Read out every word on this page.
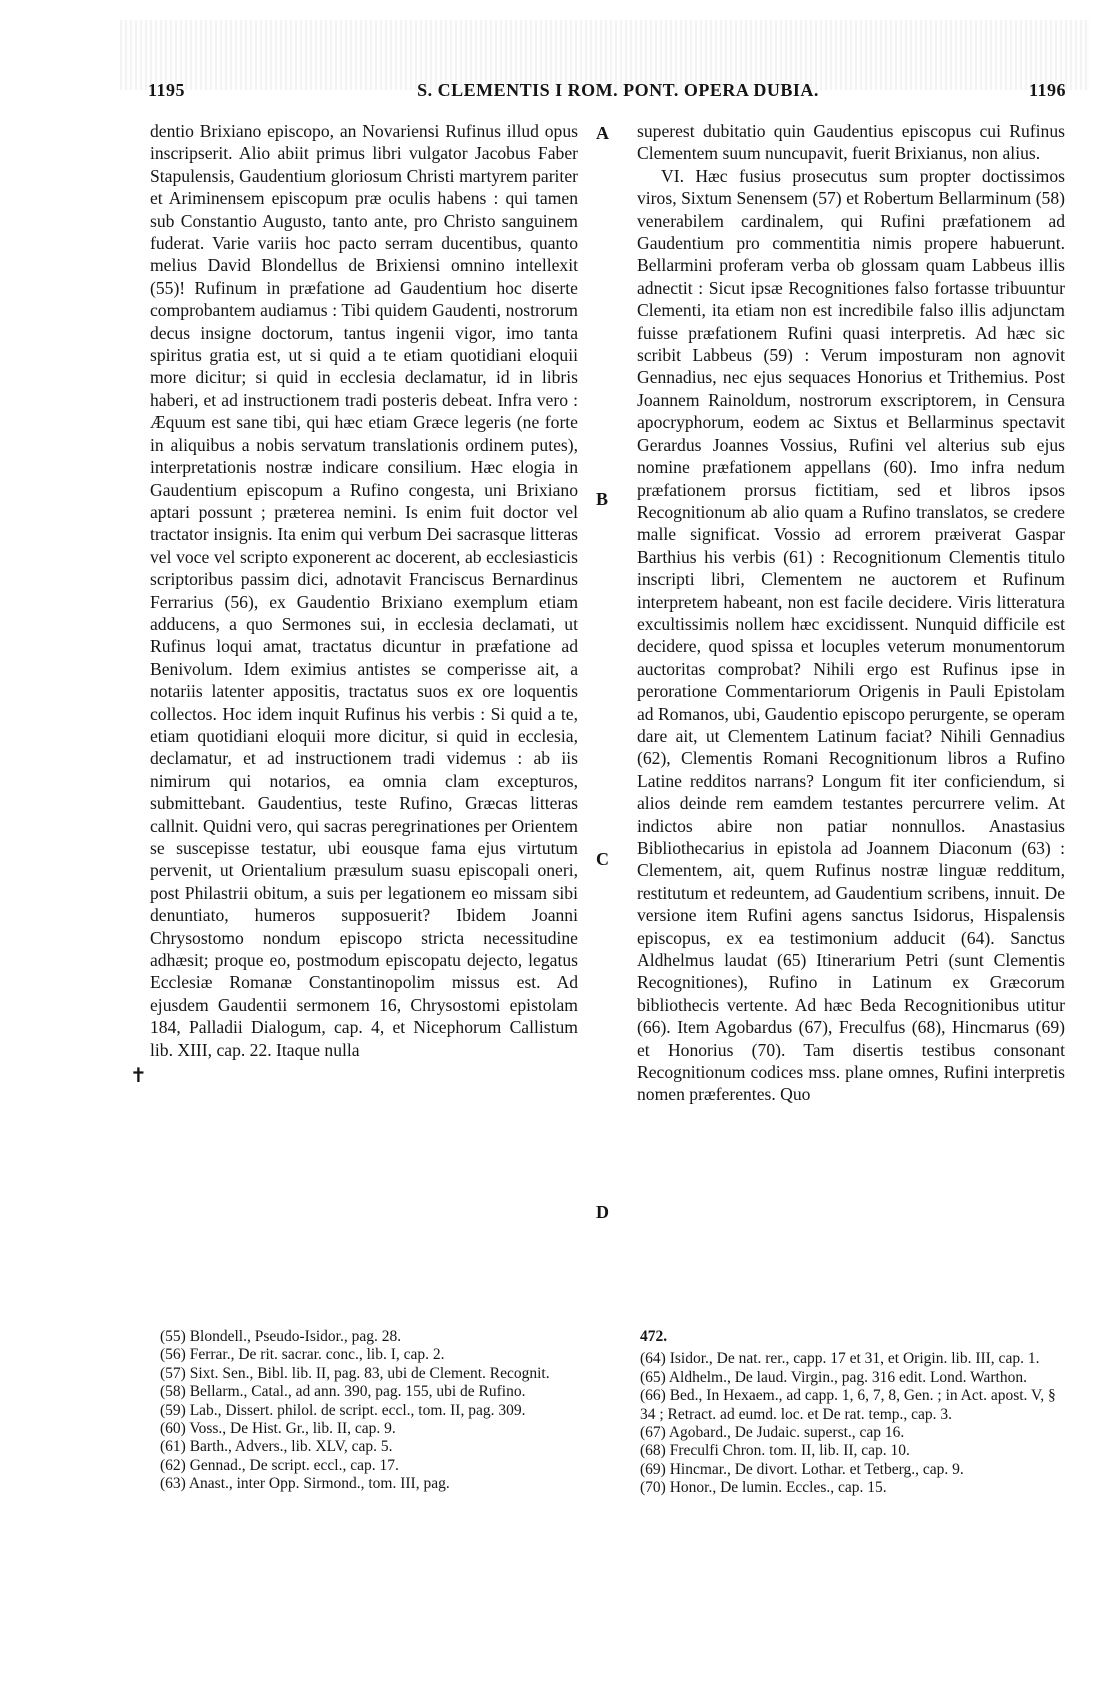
1195	S. CLEMENTIS I ROM. PONT. OPERA DUBIA.	1196

dentio Brixiano episcopo, an Novariensi Rufinus illud opus inscripserit. Alio abiit primus libri vulgator Jacobus Faber Stapulensis, Gaudentium gloriosum Christi martyrem pariter et Ariminensem episcopum præ oculis habens : qui tamen sub Constantio Augusto, tanto ante, pro Christo sanguinem fuderat. Varie variis hoc pacto serram ducentibus, quanto melius David Blondellus de Brixiensi omnino intellexit (55)! Rufinum in præfatione ad Gaudentium hoc diserte comprobantem audiamus : Tibi quidem Gaudenti, nostrorum decus insigne doctorum, tantus ingenii vigor, imo tanta spiritus gratia est, ut si quid a te etiam quotidiani eloquii more dicitur; si quid in ecclesia declamatur, id in libris haberi, et ad instructionem tradi posteris debeat. Infra vero : Æquum est sane tibi, qui hæc etiam Græce legeris (ne forte in aliquibus a nobis servatum translationis ordinem putes), interpretationis nostræ indicare consilium. Hæc elogia in Gaudentium episcopum a Rufino congesta, uni Brixiano aptari possunt ; præterea nemini. Is enim fuit doctor vel tractator insignis. Ita enim qui verbum Dei sacrasque litteras vel voce vel scripto exponerent ac docerent, ab ecclesiasticis scriptoribus passim dici, adnotavit Franciscus Bernardinus Ferrarius (56), ex Gaudentio Brixiano exemplum etiam adducens, a quo Sermones sui, in ecclesia declamati, ut Rufinus loqui amat, tractatus dicuntur in præfatione ad Benivolum. Idem eximius antistes se comperisse ait, a notariis latenter appositis, tractatus suos ex ore loquentis collectos. Hoc idem inquit Rufinus his verbis : Si quid a te, etiam quotidiani eloquii more dicitur, si quid in ecclesia, declamatur, et ad instructionem tradi videmus : ab iis nimirum qui notarios, ea omnia clam excepturos, submittebant. Gaudentius, teste Rufino, Græcas litteras callnit. Quidni vero, qui sacras peregrinationes per Orientem se suscepisse testatur, ubi eousque fama ejus virtutum pervenit, ut Orientalium præsulum suasu episcopali oneri, post Philastrii obitum, a suis per legationem eo missam sibi denuntiato, humeros supposuerit? Ibidem Joanni Chrysostomo nondum episcopo stricta necessitudine adhæsit; proque eo, postmodum episcopatu dejecto, legatus Ecclesiæ Romanæ Constantinopolim missus est. Ad ejusdem Gaudentii sermonem 16, Chrysostomi epistolam 184, Palladii Dialogum, cap. 4, et Nicephorum Callistum lib. XIII, cap. 22. Itaque nulla

superest dubitatio quin Gaudentius episcopus cui Rufinus Clementem suum nuncupavit, fuerit Brixianus, non alius.

VI. Hæc fusius prosecutus sum propter doctissimos viros, Sixtum Senensem (57) et Robertum Bellarminum (58) venerabilem cardinalem, qui Rufini præfationem ad Gaudentium pro commentitia nimis propere habuerunt. Bellarmini proferam verba ob glossam quam Labbeus illis adnectit : Sicut ipsæ Recognitiones falso fortasse tribuuntur Clementi, ita etiam non est incredibile falso illis adjunctam fuisse præfationem Rufini quasi interpretis. Ad hæc sic scribit Labbeus (59) : Verum imposturam non agnovit Gennadius, nec ejus sequaces Honorius et Trithemius. Post Joannem Rainoldum, nostrorum exscriptorem, in Censura apocryphorum, eodem ac Sixtus et Bellarminus spectavit Gerardus Joannes Vossius, Rufini vel alterius sub ejus nomine præfationem appellans (60). Imo infra nedum præfationem prorsus fictitiam, sed et libros ipsos Recognitionum ab alio quam a Rufino translatos, se credere malle significat. Vossio ad errorem præiverat Gaspar Barthius his verbis (61) : Recognitionum Clementis titulo inscripti libri, Clementem ne auctorem et Rufinum interpretem habeant, non est facile decidere. Viris litteratura excultissimis nollem hæc excidissent. Nunquid difficile est decidere, quod spissa et locuples veterum monumentorum auctoritas comprobat? Nihili ergo est Rufinus ipse in peroratione Commentariorum Origenis in Pauli Epistolam ad Romanos, ubi, Gaudentio episcopo perurgente, se operam dare ait, ut Clementem Latinum faciat? Nihili Gennadius (62), Clementis Romani Recognitionum libros a Rufino Latine redditos narrans? Longum fit iter conficiendum, si alios deinde rem eamdem testantes percurrere velim. At indictos abire non patiar nonnullos. Anastasius Bibliothecarius in epistola ad Joannem Diaconum (63) : Clementem, ait, quem Rufinus nostræ linguæ redditum, restitutum et redeuntem, ad Gaudentium scribens, innuit. De versione item Rufini agens sanctus Isidorus, Hispalensis episcopus, ex ea testimonium adducit (64). Sanctus Aldhelmus laudat (65) Itinerarium Petri (sunt Clementis Recognitiones), Rufino in Latinum ex Græcorum bibliothecis vertente. Ad hæc Beda Recognitionibus utitur (66). Item Agobardus (67), Freculfus (68), Hincmarus (69) et Honorius (70). Tam disertis testibus consonant Recognitionum codices mss. plane omnes, Rufini interpretis nomen præferentes. Quo

A
B
C
D
✝

(55) Blondell., Pseudo-Isidor., pag. 28.

(56) Ferrar., De rit. sacrar. conc., lib. I, cap. 2.

(57) Sixt. Sen., Bibl. lib. II, pag. 83, ubi de Clement. Recognit.

(58) Bellarm., Catal., ad ann. 390, pag. 155, ubi de Rufino.

(59) Lab., Dissert. philol. de script. eccl., tom. II, pag. 309.

(60) Voss., De Hist. Gr., lib. II, cap. 9.

(61) Barth., Advers., lib. XLV, cap. 5.

(62) Gennad., De script. eccl., cap. 17.

(63) Anast., inter Opp. Sirmond., tom. III, pag.

472.

(64) Isidor., De nat. rer., capp. 17 et 31, et Origin. lib. III, cap. 1.

(65) Aldhelm., De laud. Virgin., pag. 316 edit. Lond. Warthon.

(66) Bed., In Hexaem., ad capp. 1, 6, 7, 8, Gen. ; in Act. apost. V, § 34 ; Retract. ad eumd. loc. et De rat. temp., cap. 3.

(67) Agobard., De Judaic. superst., cap 16.

(68) Freculfi Chron. tom. II, lib. II, cap. 10.

(69) Hincmar., De divort. Lothar. et Tetberg., cap. 9.

(70) Honor., De lumin. Eccles., cap. 15.
